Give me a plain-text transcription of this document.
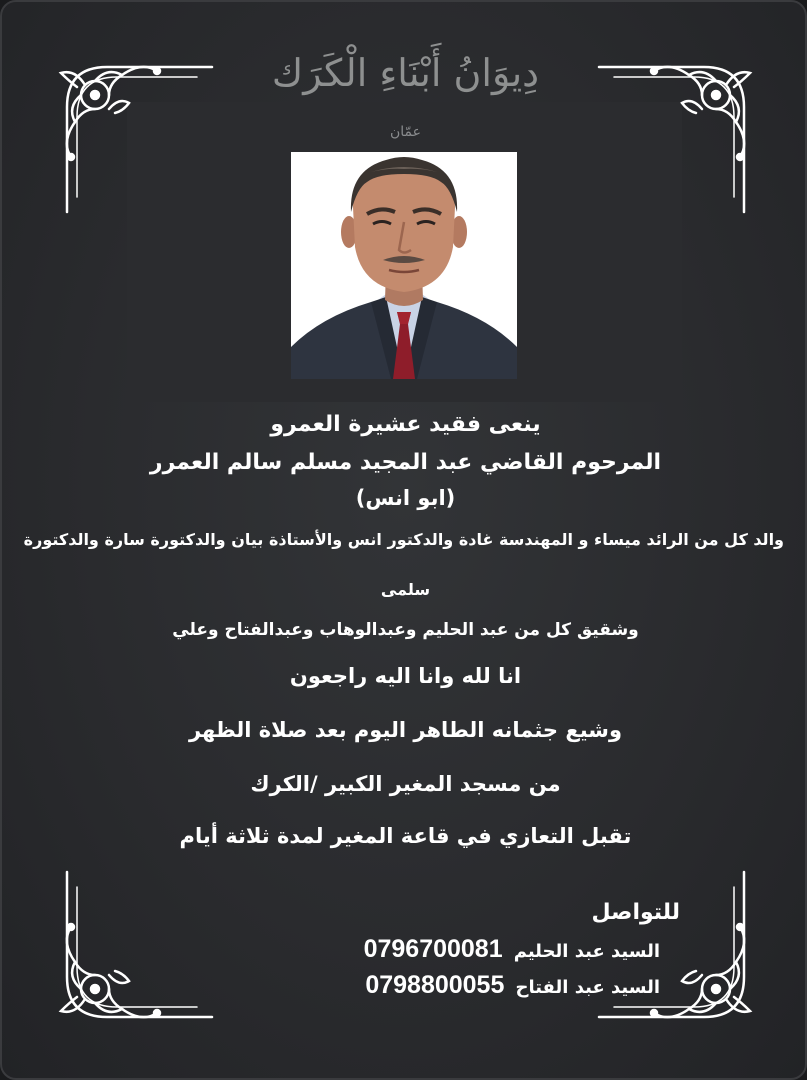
دِيوَانُ أَبْنَاءِ الْكَرَك
عمّان
ينعى فقيد عشيرة العمرو
المرحوم القاضي عبد المجيد مسلم سالم العمرر
(ابو انس)
والد كل من الرائد ميساء و المهندسة غادة والدكتور انس والأستاذة بيان والدكتورة سارة والدكتورة
سلمى
وشقيق كل من عبد الحليم وعبدالوهاب وعبدالفتاح وعلي
انا لله وانا اليه راجعون
وشيع جثمانه الطاهر اليوم بعد صلاة الظهر
من مسجد المغير الكبير /الكرك
تقبل التعازي في قاعة المغير لمدة ثلاثة أيام
للتواصل
السيد عبد الحليم 0796700081
السيد عبد الفتاح 0798800055
